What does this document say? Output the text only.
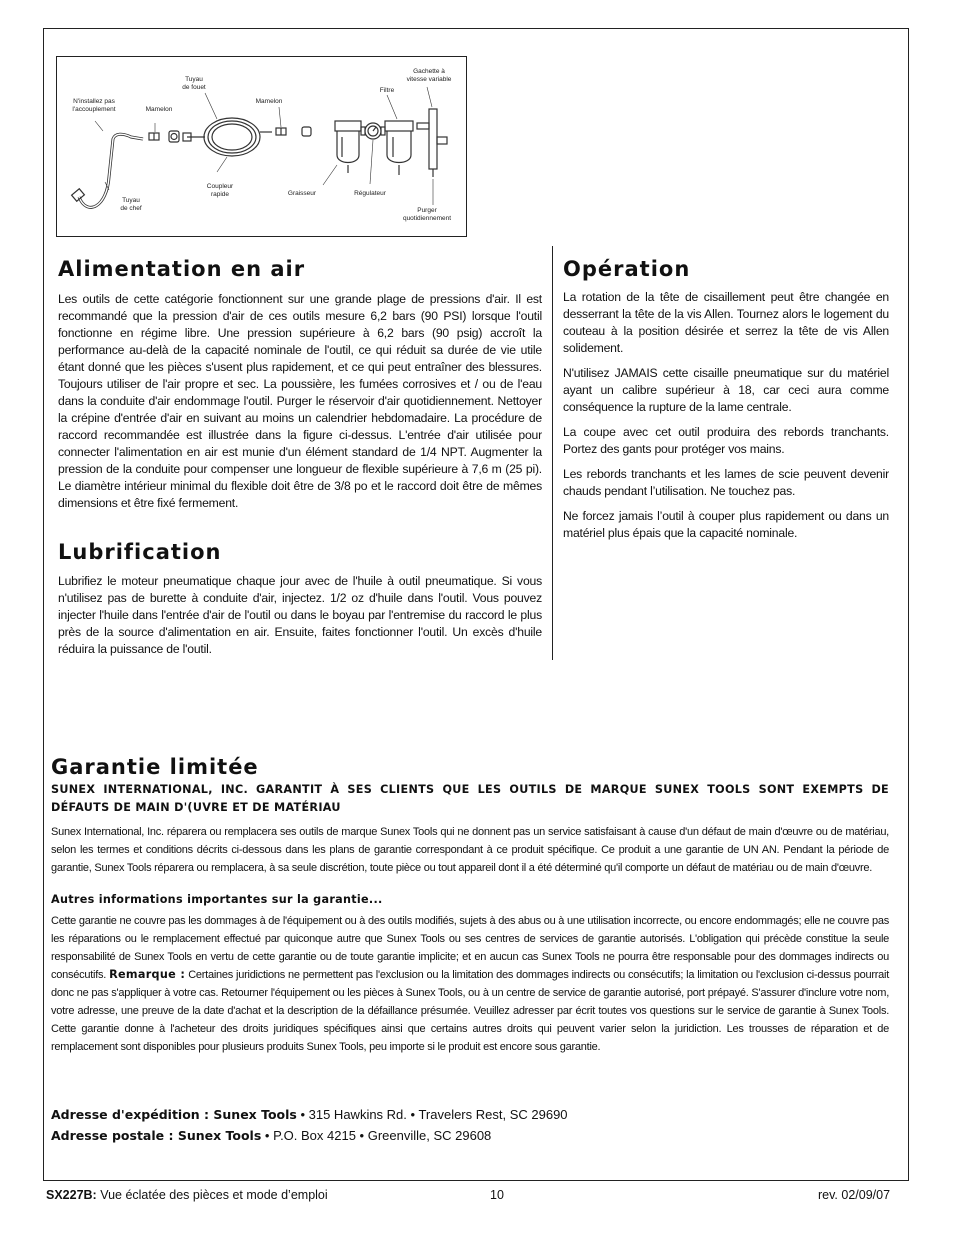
N'installez pas
l'accouplement	Mamelon
Tuyau
de fouet
Mamelon
Coupleur
rapide
Tuyau
de chef
Graisseur	Régulateur
Filtre
Gachette à
vitesse variable
Purger
quotidiennement
Alimentation en air

Les outils de cette catégorie fonctionnent sur une grande plage de pressions d'air. Il est recommandé que la pression d'air de ces outils mesure 6,2 bars (90 PSI) lorsque l'outil fonctionne en régime libre. Une pression supérieure à 6,2 bars (90 psig) accroît la performance au-delà de la capacité nominale de l'outil, ce qui réduit sa durée de vie utile étant donné que les pièces s'usent plus rapidement, et ce qui peut entraîner des blessures. Toujours utiliser de l'air propre et sec. La poussière, les fumées corrosives et / ou de l'eau dans la conduite d'air endommage l'outil. Purger le réservoir d'air quotidiennement. Nettoyer la crépine d'entrée d'air en suivant au moins un calendrier hebdomadaire. La procédure de raccord recommandée est illustrée dans la figure ci-dessus. L'entrée d'air utilisée pour connecter l'alimentation en air est munie d'un élément standard de 1/4 NPT. Augmenter la pression de la conduite pour compenser une longueur de flexible supérieure à 7,6 m (25 pi). Le diamètre intérieur minimal du flexible doit être de 3/8 po et le raccord doit être de mêmes dimensions et être fixé fermement.

Lubrification

Lubrifiez le moteur pneumatique chaque jour avec de l'huile à outil pneumatique. Si vous n'utilisez pas de burette à conduite d'air, injectez. 1/2 oz d'huile dans l'outil. Vous pouvez injecter l'huile dans l'entrée d'air de l'outil ou dans le boyau par l'entremise du raccord le plus près de la source d'alimentation en air. Ensuite, faites fonctionner l'outil. Un excès d'huile réduira la puissance de l'outil.

Opération

La rotation de la tête de cisaillement peut être changée en desserrant la tête de la vis Allen. Tournez alors le logement du couteau à la position désirée et serrez la tête de vis Allen solidement.

N'utilisez JAMAIS cette cisaille pneumatique sur du matériel ayant un calibre supérieur à 18, car ceci aura comme conséquence la rupture de la lame centrale.

La coupe avec cet outil produira des rebords tranchants. Portez des gants pour protéger vos mains.

Les rebords tranchants et les lames de scie peuvent devenir chauds pendant l’utilisation. Ne touchez pas.

Ne forcez jamais l’outil à couper plus rapidement ou dans un matériel plus épais que la capacité nominale.

Garantie limitée
SUNEX INTERNATIONAL, INC. GARANTIT À SES CLIENTS QUE LES OUTILS DE MARQUE SUNEX TOOLS SONT EXEMPTS DE DÉFAUTS DE MAIN D'(UVRE ET DE MATÉRIAU
Sunex International, Inc. réparera ou remplacera ses outils de marque Sunex Tools qui ne donnent pas un service satisfaisant à cause d'un défaut de main d'œuvre ou de matériau, selon les termes et conditions décrits ci-dessous dans les plans de garantie correspondant à ce produit spécifique. Ce produit a une garantie de UN AN. Pendant la période de garantie, Sunex Tools réparera ou remplacera, à sa seule discrétion, toute pièce ou tout appareil dont il a été déterminé qu'il comporte un défaut de matériau ou de main d'œuvre.
Autres informations importantes sur la garantie...
Cette garantie ne couvre pas les dommages à de l'équipement ou à des outils modifiés, sujets à des abus ou à une utilisation incorrecte, ou encore endommagés; elle ne couvre pas les réparations ou le remplacement effectué par quiconque autre que Sunex Tools ou ses centres de services de garantie autorisés. L'obligation qui précède constitue la seule responsabilité de Sunex Tools en vertu de cette garantie ou de toute garantie implicite; et en aucun cas Sunex Tools ne pourra être responsable pour des dommages indirects ou consécutifs. Remarque : Certaines juridictions ne permettent pas l'exclusion ou la limitation des dommages indirects ou consécutifs; la limitation ou l'exclusion ci-dessus pourrait donc ne pas s'appliquer à votre cas. Retourner l'équipement ou les pièces à Sunex Tools, ou à un centre de service de garantie autorisé, port prépayé. S'assurer d'inclure votre nom, votre adresse, une preuve de la date d'achat et la description de la défaillance présumée. Veuillez adresser par écrit toutes vos questions sur le service de garantie à Sunex Tools. Cette garantie donne à l'acheteur des droits juridiques spécifiques ainsi que certains autres droits qui peuvent varier selon la juridiction. Les trousses de réparation et de remplacement sont disponibles pour plusieurs produits Sunex Tools, peu importe si le produit est encore sous garantie.
Adresse d'expédition : Sunex Tools • 315 Hawkins Rd. • Travelers Rest, SC 29690
Adresse postale : Sunex Tools • P.O. Box 4215 • Greenville, SC 29608
SX227B: Vue éclatée des pièces et mode d’emploi	10	rev. 02/09/07
